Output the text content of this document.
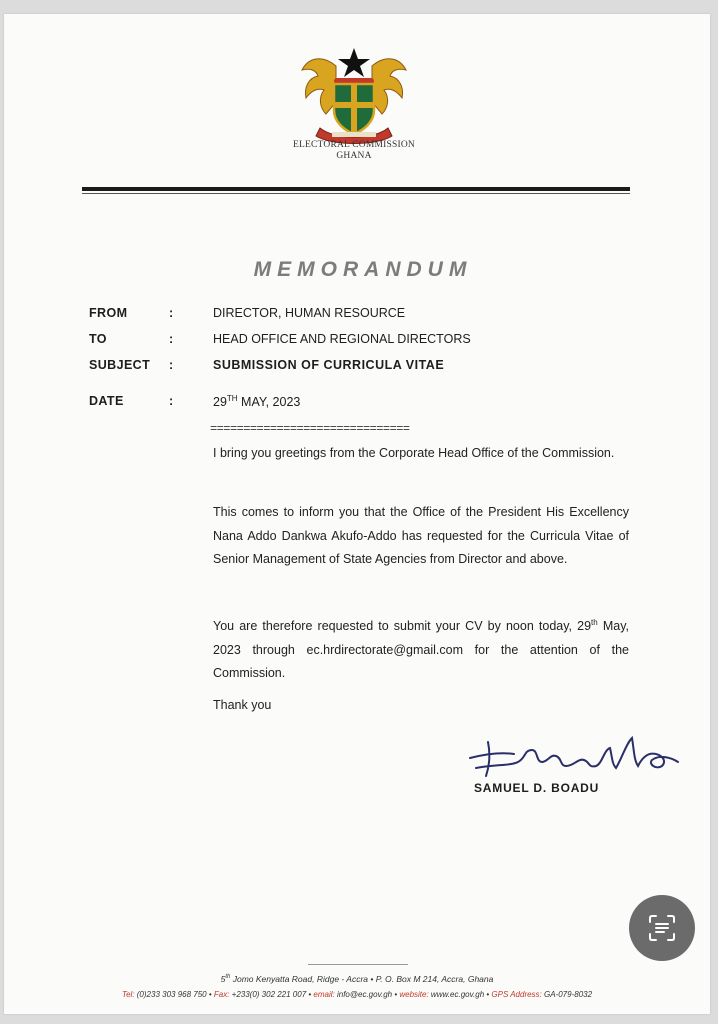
ELECTORAL COMMISSION
GHANA
MEMORANDUM
FROM	:	DIRECTOR, HUMAN RESOURCE
TO	:	HEAD OFFICE AND REGIONAL DIRECTORS
SUBJECT :	SUBMISSION OF CURRICULA VITAE
DATE	:	29TH MAY, 2023
==============================

I bring you greetings from the Corporate Head Office of the Commission.

This comes to inform you that the Office of the President His Excellency Nana Addo Dankwa Akufo-Addo has requested for the Curricula Vitae of Senior Management of State Agencies from Director and above.

You are therefore requested to submit your CV by noon today, 29th May, 2023 through ec.hrdirectorate@gmail.com for the attention of the Commission.

Thank you

SAMUEL D. BOADU
5th Jomo Kenyatta Road, Ridge - Accra • P. O. Box M 214, Accra, Ghana
Tel: (0)233 303 968 750 • Fax: +233(0) 302 221 007 • email: info@ec.gov.gh • website: www.ec.gov.gh • GPS Address: GA-079-8032
